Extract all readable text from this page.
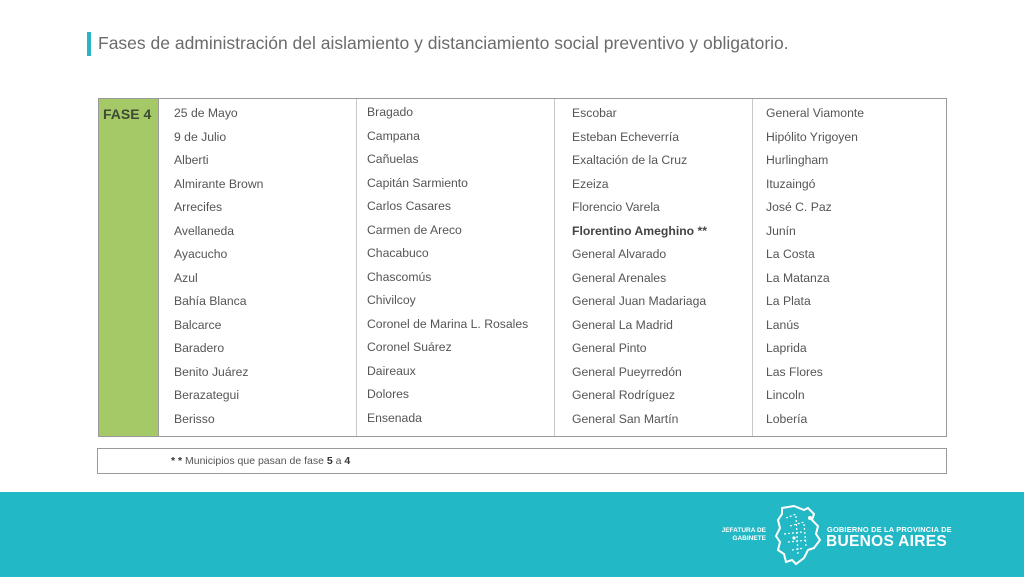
Fases de administración del aislamiento y distanciamiento social preventivo y obligatorio.
FASE 4 25 de Mayo
9 de Julio
Alberti
Almirante Brown
Arrecifes
Avellaneda
Ayacucho
Azul
Bahía Blanca
Balcarce
Baradero
Benito Juárez
Berazategui
Berisso
Bragado
Campana
Cañuelas
Capitán Sarmiento
Carlos Casares
Carmen de Areco
Chacabuco
Chascomús
Chivilcoy
Coronel de Marina L. Rosales
Coronel Suárez
Daireaux
Dolores
Ensenada
Escobar
Esteban Echeverría
Exaltación de la Cruz
Ezeiza
Florencio Varela
Florentino Ameghino **
General Alvarado
General Arenales
General Juan Madariaga
General La Madrid
General Pinto
General Pueyrredón
General Rodríguez
General San Martín
General Viamonte
Hipólito Yrigoyen
Hurlingham
Ituzaingó
José C. Paz
Junín
La Costa
La Matanza
La Plata
Lanús
Laprida
Las Flores
Lincoln
Lobería
* * Municipios que pasan de fase 5 a 4
JEFATURA DE
GABINETE
GOBIERNO DE LA PROVINCIA DE
BUENOS AIRES
